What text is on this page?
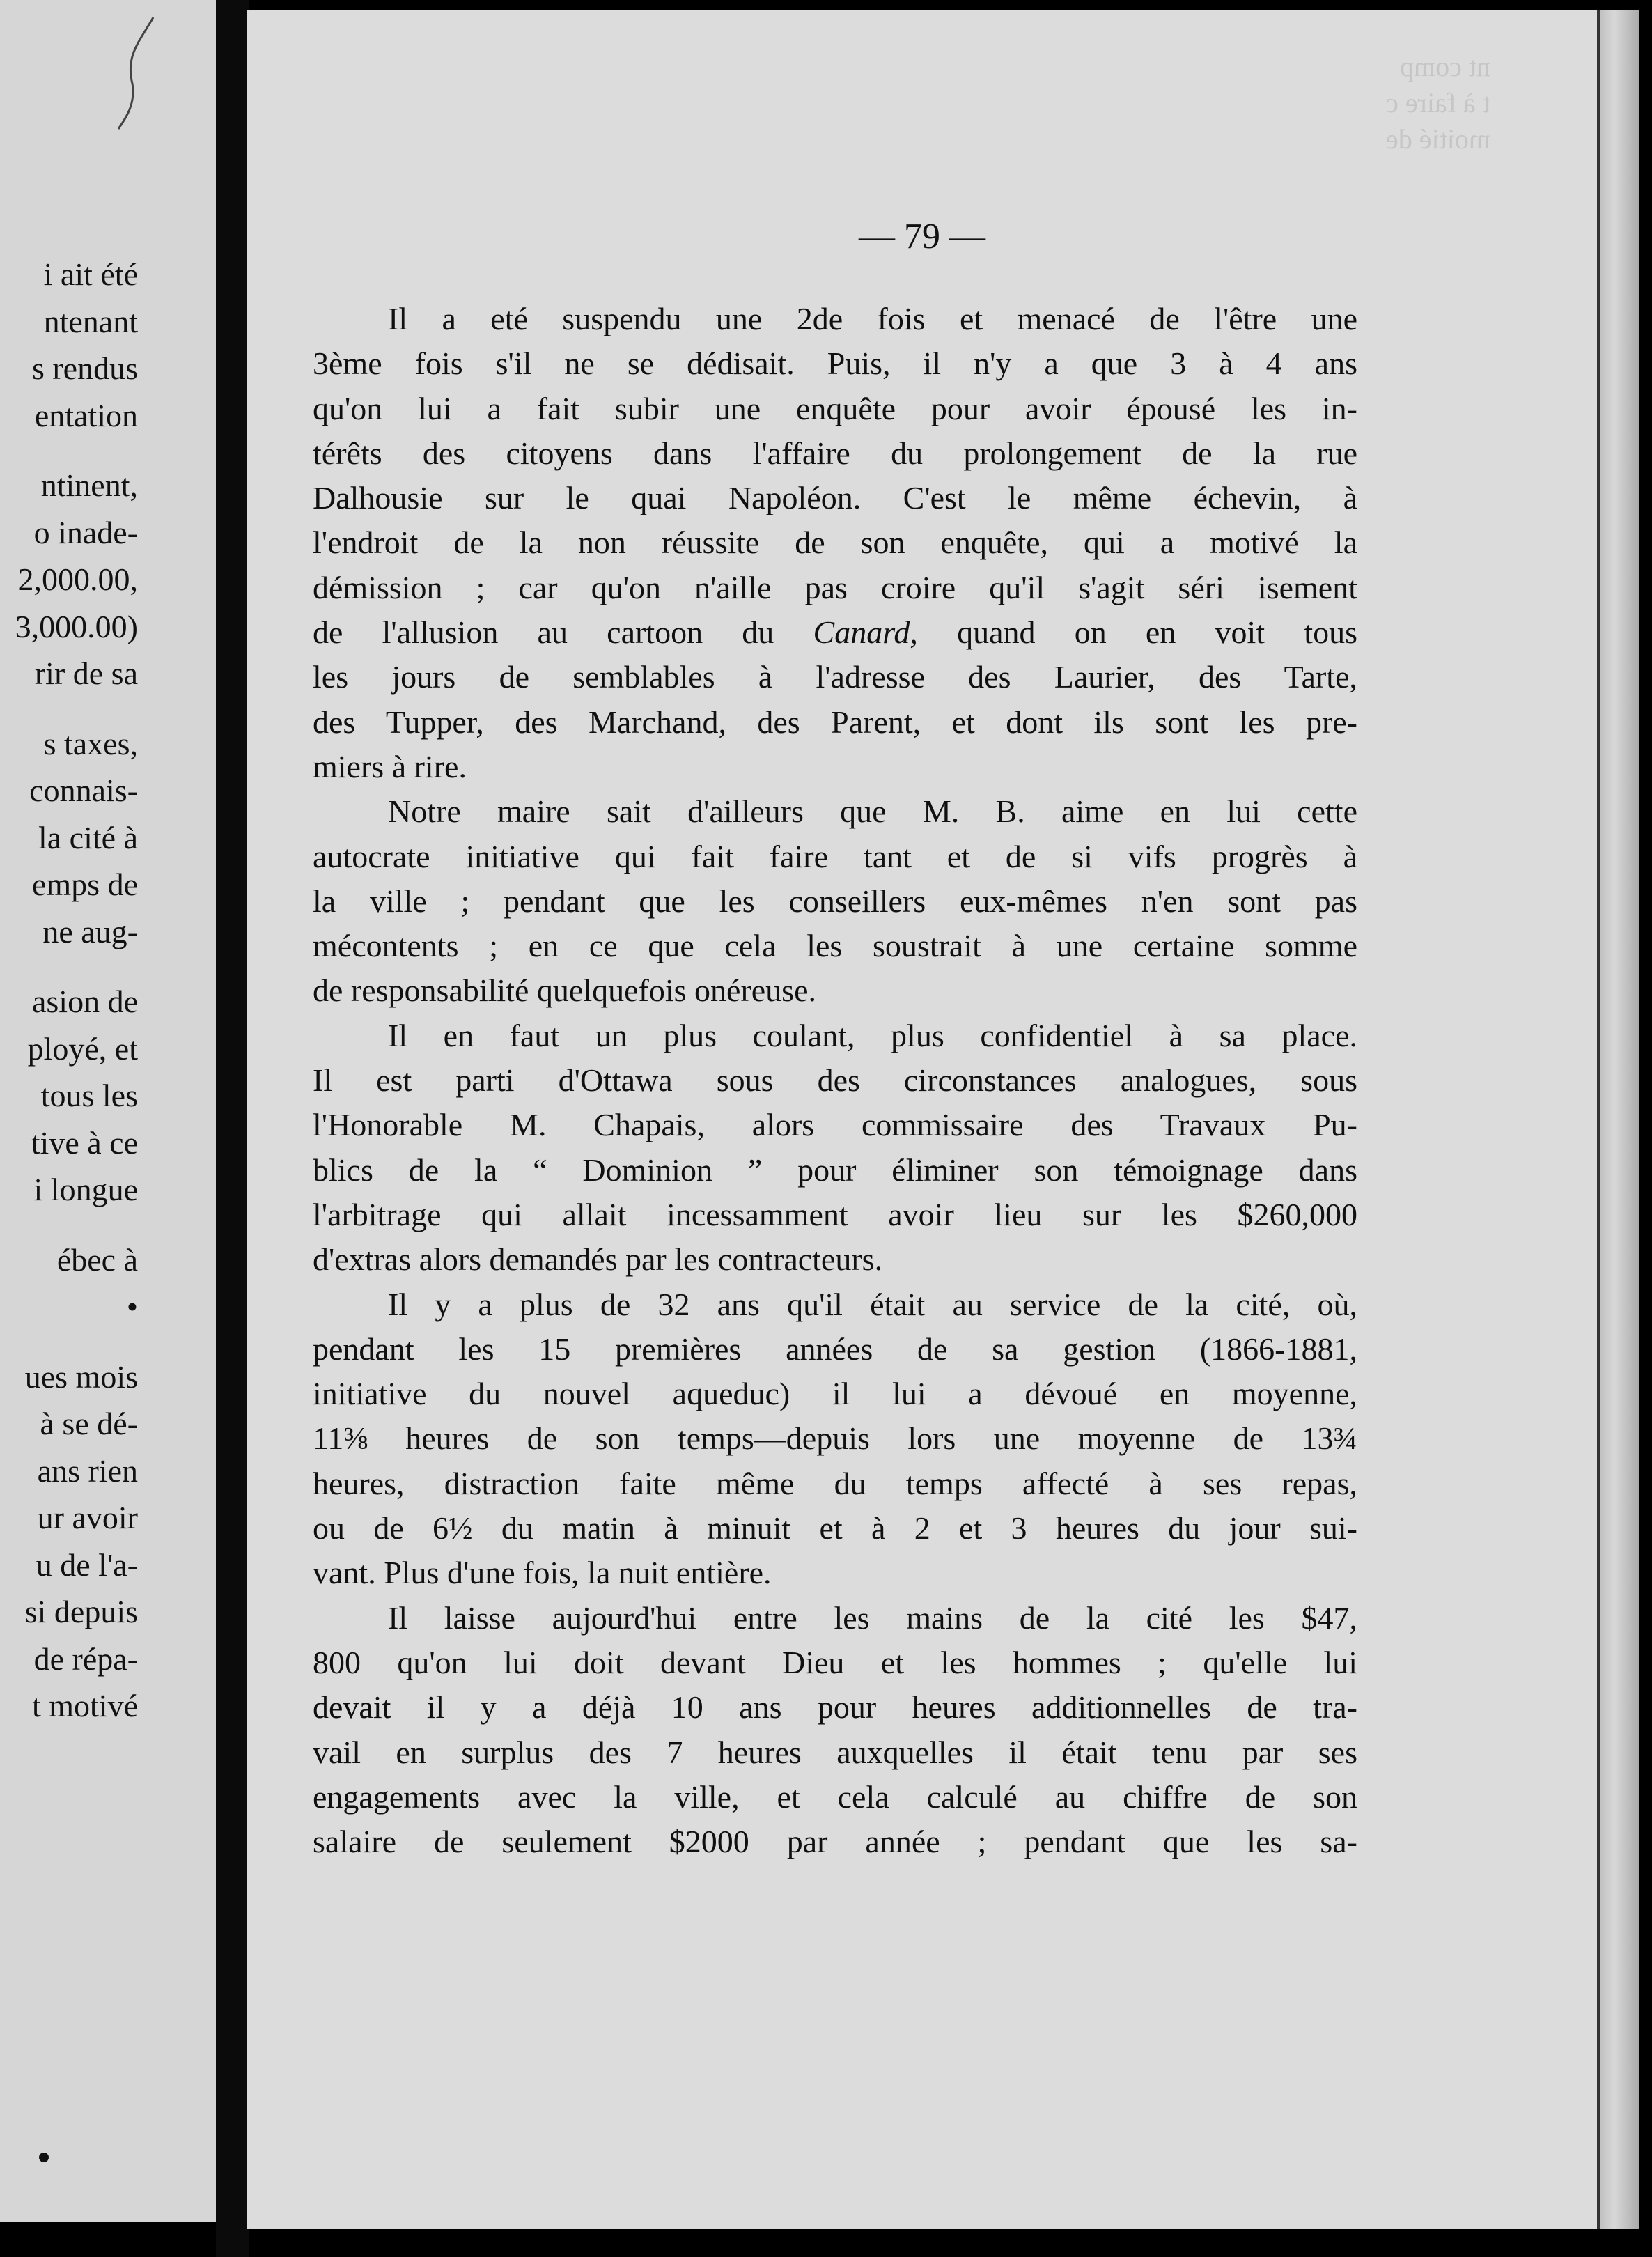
i ait été
ntenant
s rendus
entation
ntinent,
o inade-
2,000.00,
3,000.00)
rir de sa
s taxes,
connais-
la cité à
emps de
ne aug-
asion de
ployé, et
tous les
tive à ce
i longue
ébec à
•
ues mois
à se dé-
ans rien
ur avoir
u de l'a-
si depuis
de répa-
t motivé
— 79 —
Il a eté suspendu une 2de fois et menacé de l'être une
3ème fois s'il ne se dédisait. Puis, il n'y a que 3 à 4 ans
qu'on lui a fait subir une enquête pour avoir épousé les in-
térêts des citoyens dans l'affaire du prolongement de la rue
Dalhousie sur le quai Napoléon. C'est le même échevin, à
l'endroit de la non réussite de son enquête, qui a motivé la
démission ; car qu'on n'aille pas croire qu'il s'agit séri isement
de l'allusion au cartoon du Canard, quand on en voit tous
les jours de semblables à l'adresse des Laurier, des Tarte,
des Tupper, des Marchand, des Parent, et dont ils sont les pre-
miers à rire.
Notre maire sait d'ailleurs que M. B. aime en lui cette
autocrate initiative qui fait faire tant et de si vifs progrès à
la ville ; pendant que les conseillers eux-mêmes n'en sont pas
mécontents ; en ce que cela les soustrait à une certaine somme
de responsabilité quelquefois onéreuse.
Il en faut un plus coulant, plus confidentiel à sa place.
Il est parti d'Ottawa sous des circonstances analogues, sous
l'Honorable M. Chapais, alors commissaire des Travaux Pu-
blics de la “ Dominion ” pour éliminer son témoignage dans
l'arbitrage qui allait incessamment avoir lieu sur les $260,000
d'extras alors demandés par les contracteurs.
Il y a plus de 32 ans qu'il était au service de la cité, où,
pendant les 15 premières années de sa gestion (1866-1881,
initiative du nouvel aqueduc) il lui a dévoué en moyenne,
11⅜ heures de son temps—depuis lors une moyenne de 13¾
heures, distraction faite même du temps affecté à ses repas,
ou de 6½ du matin à minuit et à 2 et 3 heures du jour sui-
vant. Plus d'une fois, la nuit entière.
Il laisse aujourd'hui entre les mains de la cité les $47,
800 qu'on lui doit devant Dieu et les hommes ; qu'elle lui
devait il y a déjà 10 ans pour heures additionnelles de tra-
vail en surplus des 7 heures auxquelles il était tenu par ses
engagements avec la ville, et cela calculé au chiffre de son
salaire de seulement $2000 par année ; pendant que les sa-
nt comp
t à faire c
moitié de
